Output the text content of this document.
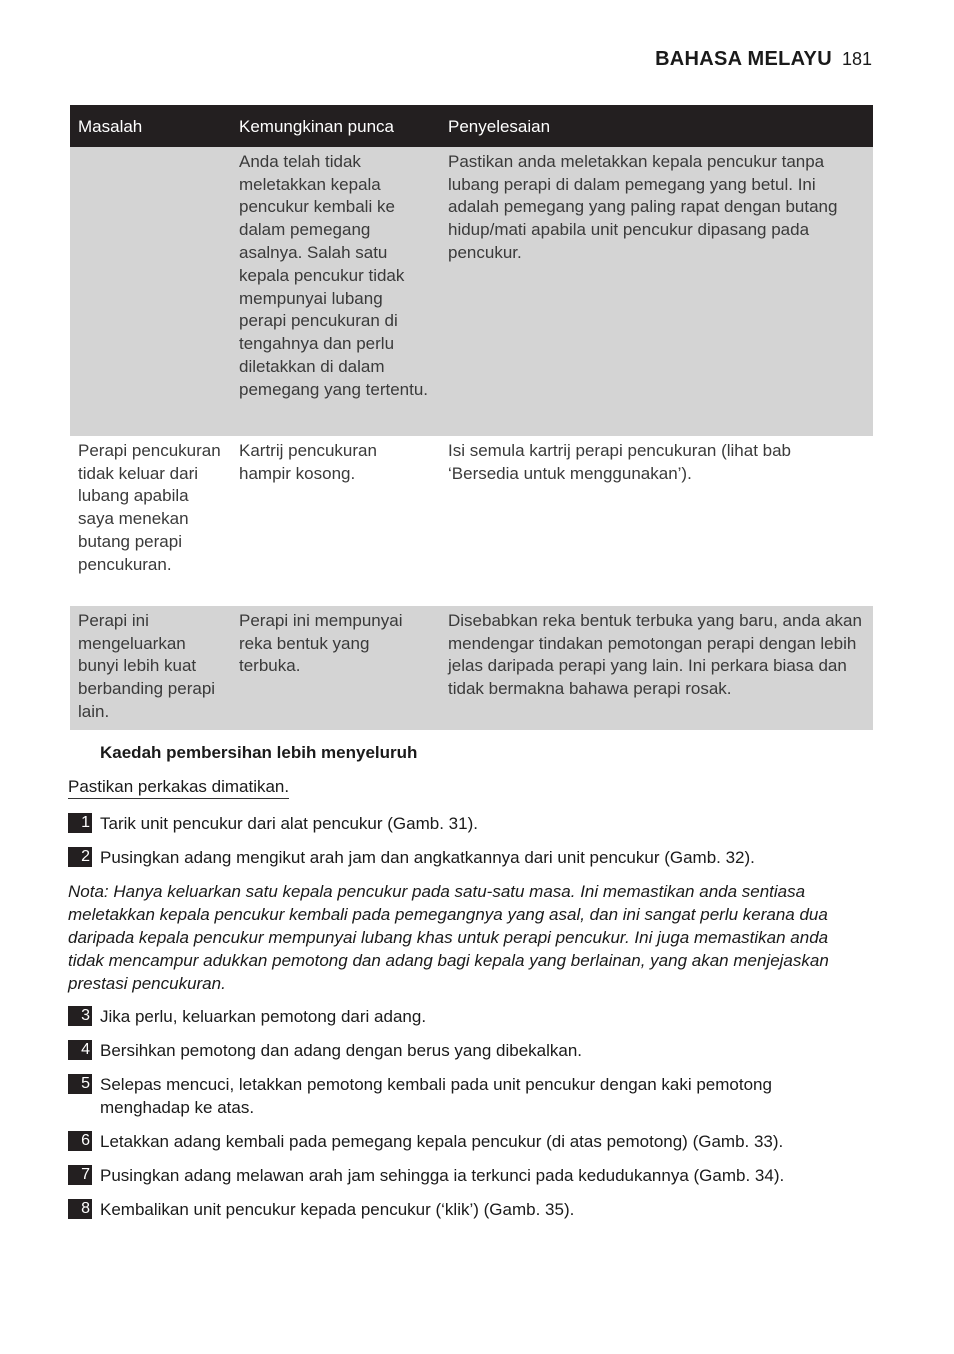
BAHASA MELAYU 181
Masalah	Kemungkinan punca	Penyelesaian
	Anda telah tidak meletakkan kepala pencukur kembali ke dalam pemegang asalnya. Salah satu kepala pencukur tidak mempunyai lubang perapi pencukuran di tengahnya dan perlu diletakkan di dalam pemegang yang tertentu.	Pastikan anda meletakkan kepala pencukur tanpa lubang perapi di dalam pemegang yang betul. Ini adalah pemegang yang paling rapat dengan butang hidup/mati apabila unit pencukur dipasang pada pencukur.
Perapi pencukuran tidak keluar dari lubang apabila saya menekan butang perapi pencukuran.	Kartrij pencukuran hampir kosong.	Isi semula kartrij perapi pencukuran (lihat bab ‘Bersedia untuk menggunakan’).
Perapi ini mengeluarkan bunyi lebih kuat berbanding perapi lain.	Perapi ini mempunyai reka bentuk yang terbuka.	Disebabkan reka bentuk terbuka yang baru, anda akan mendengar tindakan pemotongan perapi dengan lebih jelas daripada perapi yang lain. Ini perkara biasa dan tidak bermakna bahawa perapi rosak.
Kaedah pembersihan lebih menyeluruh
Pastikan perkakas dimatikan.
1 Tarik unit pencukur dari alat pencukur (Gamb. 31).
2 Pusingkan adang mengikut arah jam dan angkatkannya dari unit pencukur (Gamb. 32).
Nota: Hanya keluarkan satu kepala pencukur pada satu-satu masa. Ini memastikan anda sentiasa meletakkan kepala pencukur kembali pada pemegangnya yang asal, dan ini sangat perlu kerana dua daripada kepala pencukur mempunyai lubang khas untuk perapi pencukur. Ini juga memastikan anda tidak mencampur adukkan pemotong dan adang bagi kepala yang berlainan, yang akan menjejaskan prestasi pencukuran.
3 Jika perlu, keluarkan pemotong dari adang.
4 Bersihkan pemotong dan adang dengan berus yang dibekalkan.
5 Selepas mencuci, letakkan pemotong kembali pada unit pencukur dengan kaki pemotong menghadap ke atas.
6 Letakkan adang kembali pada pemegang kepala pencukur (di atas pemotong) (Gamb. 33).
7 Pusingkan adang melawan arah jam sehingga ia terkunci pada kedudukannya (Gamb. 34).
8 Kembalikan unit pencukur kepada pencukur (‘klik’) (Gamb. 35).
